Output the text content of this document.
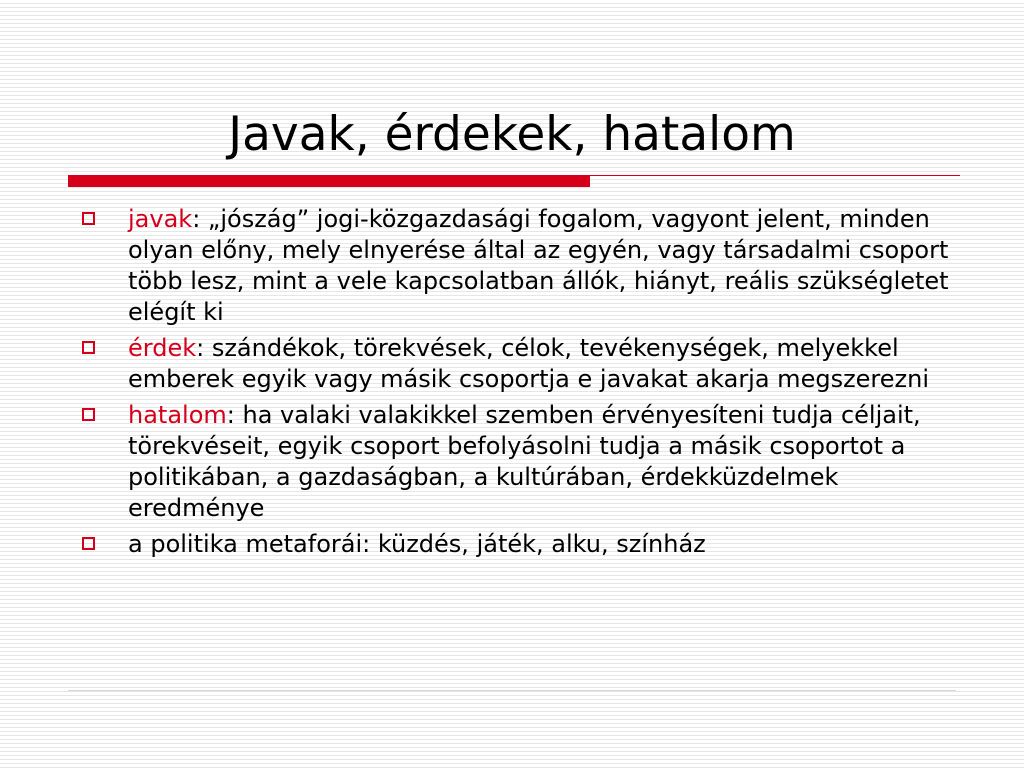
Javak, érdekek, hatalom
javak: „jószág” jogi-közgazdasági fogalom, vagyont jelent, minden olyan előny, mely elnyerése által az egyén, vagy társadalmi csoport több lesz, mint a vele kapcsolatban állók, hiányt, reális szükségletet elégít ki
érdek: szándékok, törekvések, célok, tevékenységek, melyekkel emberek egyik vagy másik csoportja e javakat akarja megszerezni
hatalom: ha valaki valakikkel szemben érvényesíteni tudja céljait, törekvéseit, egyik csoport befolyásolni tudja a másik csoportot a politikában, a gazdaságban, a kultúrában, érdekküzdelmek eredménye
a politika metaforái: küzdés, játék, alku, színház
